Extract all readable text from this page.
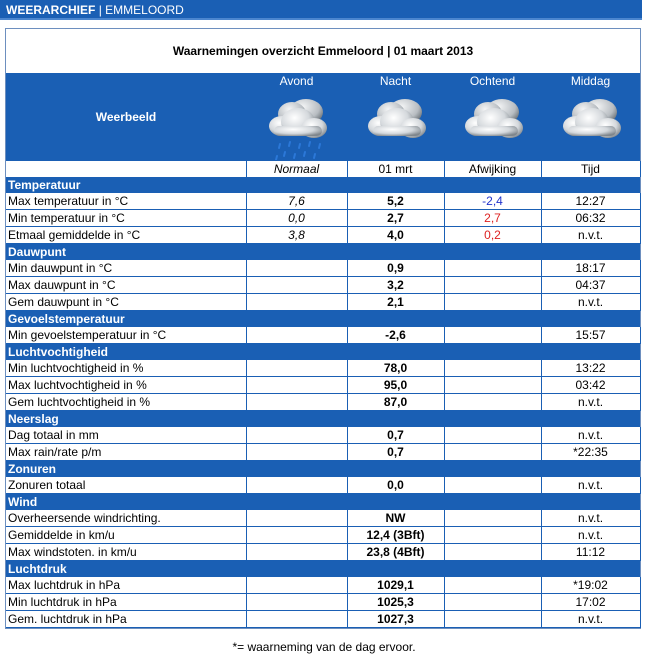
WEERARCHIEF | EMMELOORD
Waarnemingen overzicht Emmeloord | 01 maart 2013
Weerbeeld	Avond	Nacht	Ochtend	Middag

	Normaal	01 mrt	Afwijking	Tijd
Temperatuur				
Max temperatuur in °C	7,6	5,2	-2,4	12:27
Min temperatuur in °C	0,0	2,7	2,7	06:32
Etmaal gemiddelde in °C	3,8	4,0	0,2	n.v.t.
Dauwpunt				
Min dauwpunt in °C		0,9		18:17
Max dauwpunt in °C		3,2		04:37
Gem dauwpunt in °C		2,1		n.v.t.
Gevoelstemperatuur				
Min gevoelstemperatuur in °C		-2,6		15:57
Luchtvochtigheid				
Min luchtvochtigheid in %		78,0		13:22
Max luchtvochtigheid in %		95,0		03:42
Gem luchtvochtigheid in %		87,0		n.v.t.
Neerslag				
Dag totaal in mm		0,7		n.v.t.
Max rain/rate p/m		0,7		*22:35
Zonuren				
Zonuren totaal		0,0		n.v.t.
Wind				
Overheersende windrichting.		NW		n.v.t.
Gemiddelde in km/u		12,4 (3Bft)		n.v.t.
Max windstoten. in km/u		23,8 (4Bft)		11:12
Luchtdruk				
Max luchtdruk in hPa		1029,1		*19:02
Min luchtdruk in hPa		1025,3		17:02
Gem. luchtdruk in hPa		1027,3		n.v.t.
*= waarneming van de dag ervoor.
